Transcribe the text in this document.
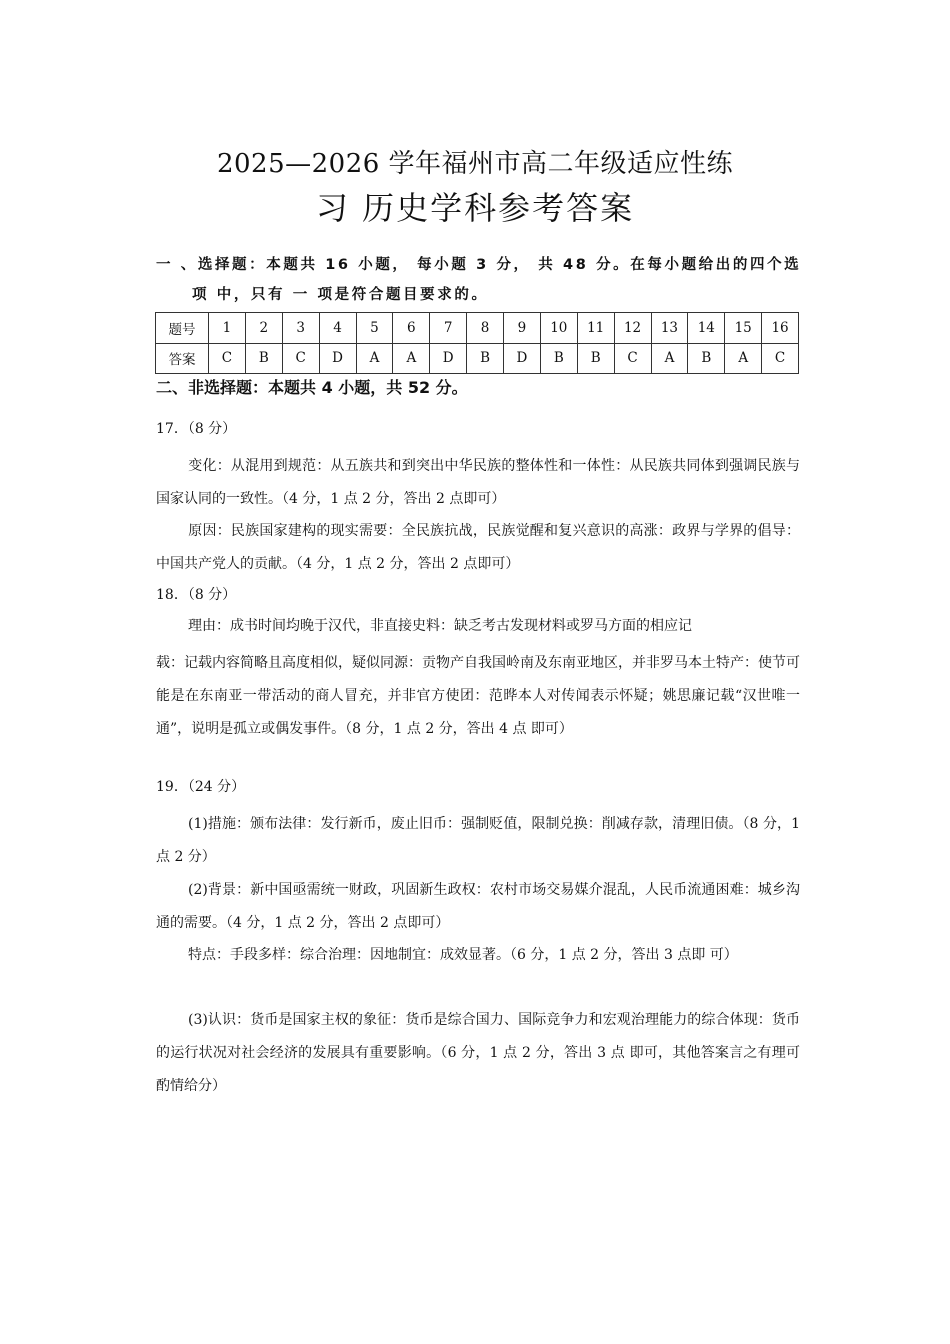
2025—2026 学年福州市高二年级适应性练
习 历史学科参考答案
一 、选择题：本题共 16 小题， 每小题 3 分， 共 48 分。在每小题给出的四个选
项 中，只有 一 项是符合题目要求的。
题号	1	2	3	4	5	6	7	8	9	10	11	12	13	14	15	16
答案	C	B	C	D	A	A	D	B	D	B	B	C	A	B	A	C
二、非选择题：本题共 4 小题，共 52 分。
17．（8 分）
变化：从混用到规范：从五族共和到突出中华民族的整体性和一体性：从民族共同体到强调民族与国家认同的一致性。（4 分，1 点 2 分，答出 2 点即可）
原因：民族国家建构的现实需要：全民族抗战，民族觉醒和复兴意识的高涨：政界与学界的倡导：中国共产党人的贡献。（4 分，1 点 2 分，答出 2 点即可）
18．（8 分）
理由：成书时间均晚于汉代，非直接史料：缺乏考古发现材料或罗马方面的相应记
载：记载内容简略且高度相似，疑似同源：贡物产自我国岭南及东南亚地区，并非罗马本土特产：使节可能是在东南亚一带活动的商人冒充，并非官方使团：范晔本人对传闻表示怀疑；姚思廉记载“汉世唯一通”，说明是孤立或偶发事件。（8 分，1 点 2 分，答出 4 点 即可）
19．（24 分）
(1)措施：颁布法律：发行新币，废止旧币：强制贬值，限制兑换：削减存款，清理旧债。（8 分，1 点 2 分）
(2)背景：新中国亟需统一财政，巩固新生政权：农村市场交易媒介混乱，人民币流通困难：城乡沟通的需要。（4 分，1 点 2 分，答出 2 点即可）
特点：手段多样：综合治理：因地制宜：成效显著。（6 分，1 点 2 分，答出 3 点即 可）
(3)认识：货币是国家主权的象征：货币是综合国力、国际竞争力和宏观治理能力的综合体现：货币的运行状况对社会经济的发展具有重要影响。（6 分，1 点 2 分，答出 3 点 即可，其他答案言之有理可酌情给分）
